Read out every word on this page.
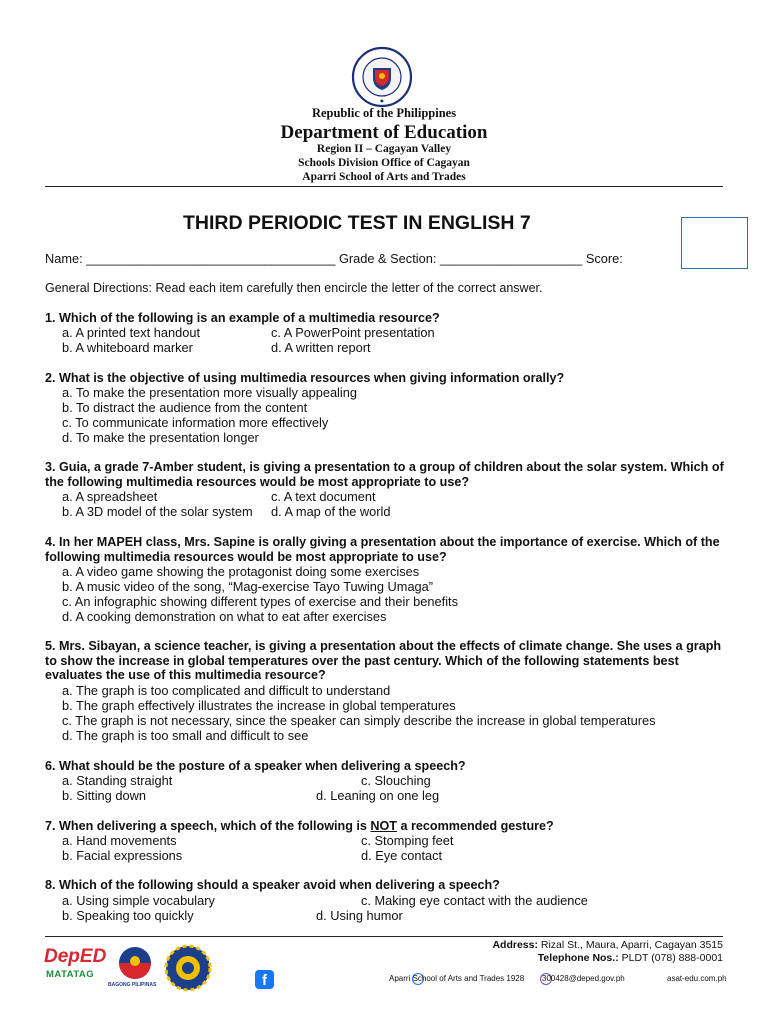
●
Republic of the Philippines
Department of Education
Region II – Cagayan Valley
Schools Division Office of Cagayan
Aparri School of Arts and Trades
THIRD PERIODIC TEST IN ENGLISH 7
Name: ___________________________________ Grade & Section: ____________________ Score:
General Directions: Read each item carefully then encircle the letter of the correct answer.
1. Which of the following is an example of a multimedia resource?
a. A printed text handout	c. A PowerPoint presentation
b. A whiteboard marker	d. A written report
2. What is the objective of using multimedia resources when giving information orally?
a. To make the presentation more visually appealing
b. To distract the audience from the content
c. To communicate information more effectively
d. To make the presentation longer
3. Guia, a grade 7-Amber student, is giving a presentation to a group of children about the solar system. Which of the following multimedia resources would be most appropriate to use?
a. A spreadsheet	c. A text document
b. A 3D model of the solar system d. A map of the world
4. In her MAPEH class, Mrs. Sapine is orally giving a presentation about the importance of exercise. Which of the following multimedia resources would be most appropriate to use?
a. A video game showing the protagonist doing some exercises
b. A music video of the song, “Mag-exercise Tayo Tuwing Umaga”
c. An infographic showing different types of exercise and their benefits
d. A cooking demonstration on what to eat after exercises
5. Mrs. Sibayan, a science teacher, is giving a presentation about the effects of climate change. She uses a graph to show the increase in global temperatures over the past century. Which of the following statements best evaluates the use of this multimedia resource?
a. The graph is too complicated and difficult to understand
b. The graph effectively illustrates the increase in global temperatures
c. The graph is not necessary, since the speaker can simply describe the increase in global temperatures
d. The graph is too small and difficult to see
6. What should be the posture of a speaker when delivering a speech?
a. Standing straight	c. Slouching
b. Sitting down	d. Leaning on one leg
7. When delivering a speech, which of the following is NOT a recommended gesture?
a. Hand movements	c. Stomping feet
b. Facial expressions	d. Eye contact
8. Which of the following should a speaker avoid when delivering a speech?
a. Using simple vocabulary	c. Making eye contact with the audience
b. Speaking too quickly	d. Using humor
DepED
MATATAG
BAGONG PILIPINAS	f
Address: Rizal St., Maura, Aparri, Cagayan 3515
Telephone Nos.: PLDT (078) 888-0001
Aparri School of Arts and Trades 1928 300428@deped.gov.ph	asat-edu.com.ph
